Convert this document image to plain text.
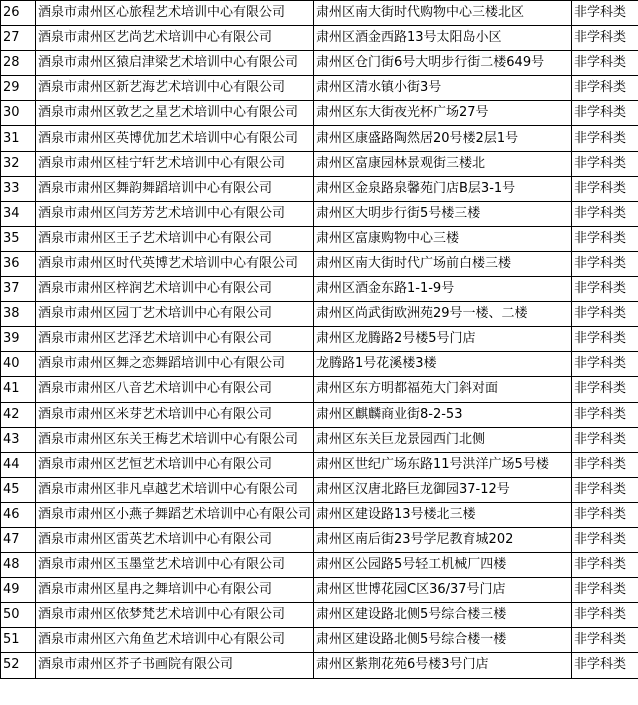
26	酒泉市肃州区心旅程艺术培训中心有限公司	肃州区南大街时代购物中心三楼北区	非学科类
27	酒泉市肃州区艺尚艺术培训中心有限公司	肃州区酒金西路13号太阳岛小区	非学科类
28	酒泉市肃州区猿启津梁艺术培训中心有限公司	肃州区仓门街6号大明步行街二楼649号	非学科类
29	酒泉市肃州区新艺海艺术培训中心有限公司	肃州区清水镇小街3号	非学科类
30	酒泉市肃州区敦艺之星艺术培训中心有限公司	肃州区东大街夜光杯广场27号	非学科类
31	酒泉市肃州区英博优加艺术培训中心有限公司	肃州区康盛路陶然居20号楼2层1号	非学科类
32	酒泉市肃州区桂宁轩艺术培训中心有限公司	肃州区富康园林景观街三楼北	非学科类
33	酒泉市肃州区舞韵舞蹈培训中心有限公司	肃州区金泉路泉馨苑门店B层3-1号	非学科类
34	酒泉市肃州区闫芳芳艺术培训中心有限公司	肃州区大明步行街5号楼三楼	非学科类
35	酒泉市肃州区王子艺术培训中心有限公司	肃州区富康购物中心三楼	非学科类
36	酒泉市肃州区时代英博艺术培训中心有限公司	肃州区南大街时代广场前白楼三楼	非学科类
37	酒泉市肃州区梓润艺术培训中心有限公司	肃州区酒金东路1-1-9号	非学科类
38	酒泉市肃州区园丁艺术培训中心有限公司	肃州区尚武街欧洲苑29号一楼、二楼	非学科类
39	酒泉市肃州区艺泽艺术培训中心有限公司	肃州区龙腾路2号楼5号门店	非学科类
40	酒泉市肃州区舞之恋舞蹈培训中心有限公司	龙腾路1号花溪楼3楼	非学科类
41	酒泉市肃州区八音艺术培训中心有限公司	肃州区东方明都福苑大门斜对面	非学科类
42	酒泉市肃州区米芽艺术培训中心有限公司	肃州区麒麟商业街8-2-53	非学科类
43	酒泉市肃州区东关王梅艺术培训中心有限公司	肃州区东关巨龙景园西门北侧	非学科类
44	酒泉市肃州区艺恒艺术培训中心有限公司	肃州区世纪广场东路11号洪洋广场5号楼	非学科类
45	酒泉市肃州区非凡卓越艺术培训中心有限公司	肃州区汉唐北路巨龙御园37-12号	非学科类
46	酒泉市肃州区小燕子舞蹈艺术培训中心有限公司	肃州区建设路13号楼北三楼	非学科类
47	酒泉市肃州区雷英艺术培训中心有限公司	肃州区南后街23号学尼教育城202	非学科类
48	酒泉市肃州区玉墨堂艺术培训中心有限公司	肃州区公园路5号轻工机械厂四楼	非学科类
49	酒泉市肃州区星冉之舞培训中心有限公司	肃州区世博花园C区36/37号门店	非学科类
50	酒泉市肃州区依梦梵艺术培训中心有限公司	肃州区建设路北侧5号综合楼三楼	非学科类
51	酒泉市肃州区六角鱼艺术培训中心有限公司	肃州区建设路北侧5号综合楼一楼	非学科类
52	酒泉市肃州区芥子书画院有限公司	肃州区紫荆花苑6号楼3号门店	非学科类
